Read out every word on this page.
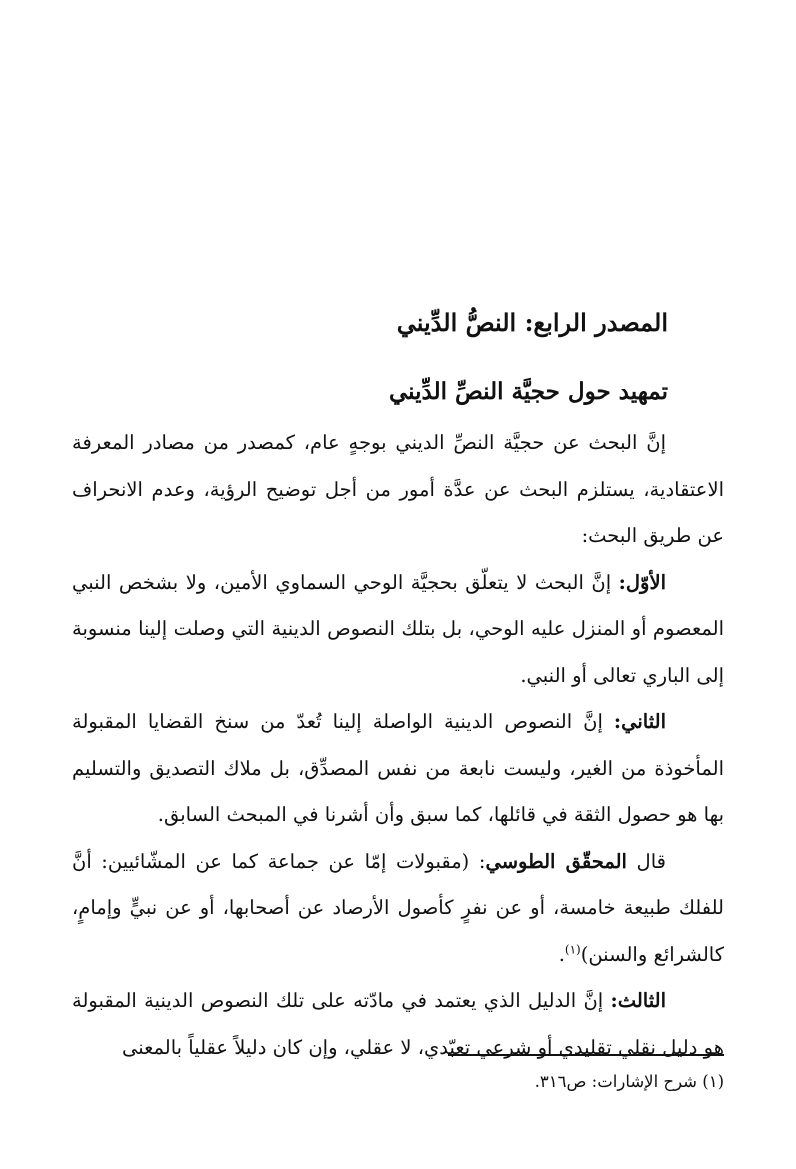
المصدر الرابع: النصُّ الدِّيني
تمهيد حول حجيَّة النصِّ الدِّيني

إنَّ البحث عن حجيَّة النصِّ الديني بوجهٍ عام، كمصدر من مصادر المعرفة الاعتقادية، يستلزم البحث عن عدَّة أمور من أجل توضيح الرؤية، وعدم الانحراف عن طريق البحث:

الأوّل: إنَّ البحث لا يتعلّق بحجيَّة الوحي السماوي الأمين، ولا بشخص النبي المعصوم أو المنزل عليه الوحي، بل بتلك النصوص الدينية التي وصلت إلينا منسوبة إلى الباري تعالى أو النبي.

الثاني: إنَّ النصوص الدينية الواصلة إلينا تُعدّ من سنخ القضايا المقبولة المأخوذة من الغير، وليست نابعة من نفس المصدِّق، بل ملاك التصديق والتسليم بها هو حصول الثقة في قائلها، كما سبق وأن أشرنا في المبحث السابق.

قال المحقّق الطوسي: (مقبولات إمّا عن جماعة كما عن المشّائيين: أنَّ للفلك طبيعة خامسة، أو عن نفرٍ كأصول الأرصاد عن أصحابها، أو عن نبيٍّ وإمامٍ، كالشرائع والسنن)$^{(١)}$.

الثالث: إنَّ الدليل الذي يعتمد في مادّته على تلك النصوص الدينية المقبولة هو دليل نقلي تقليدي أو شرعي تعبّدي، لا عقلي، وإن كان دليلاً عقلياً بالمعنى

(١) شرح الإشارات: ص٣١٦.
